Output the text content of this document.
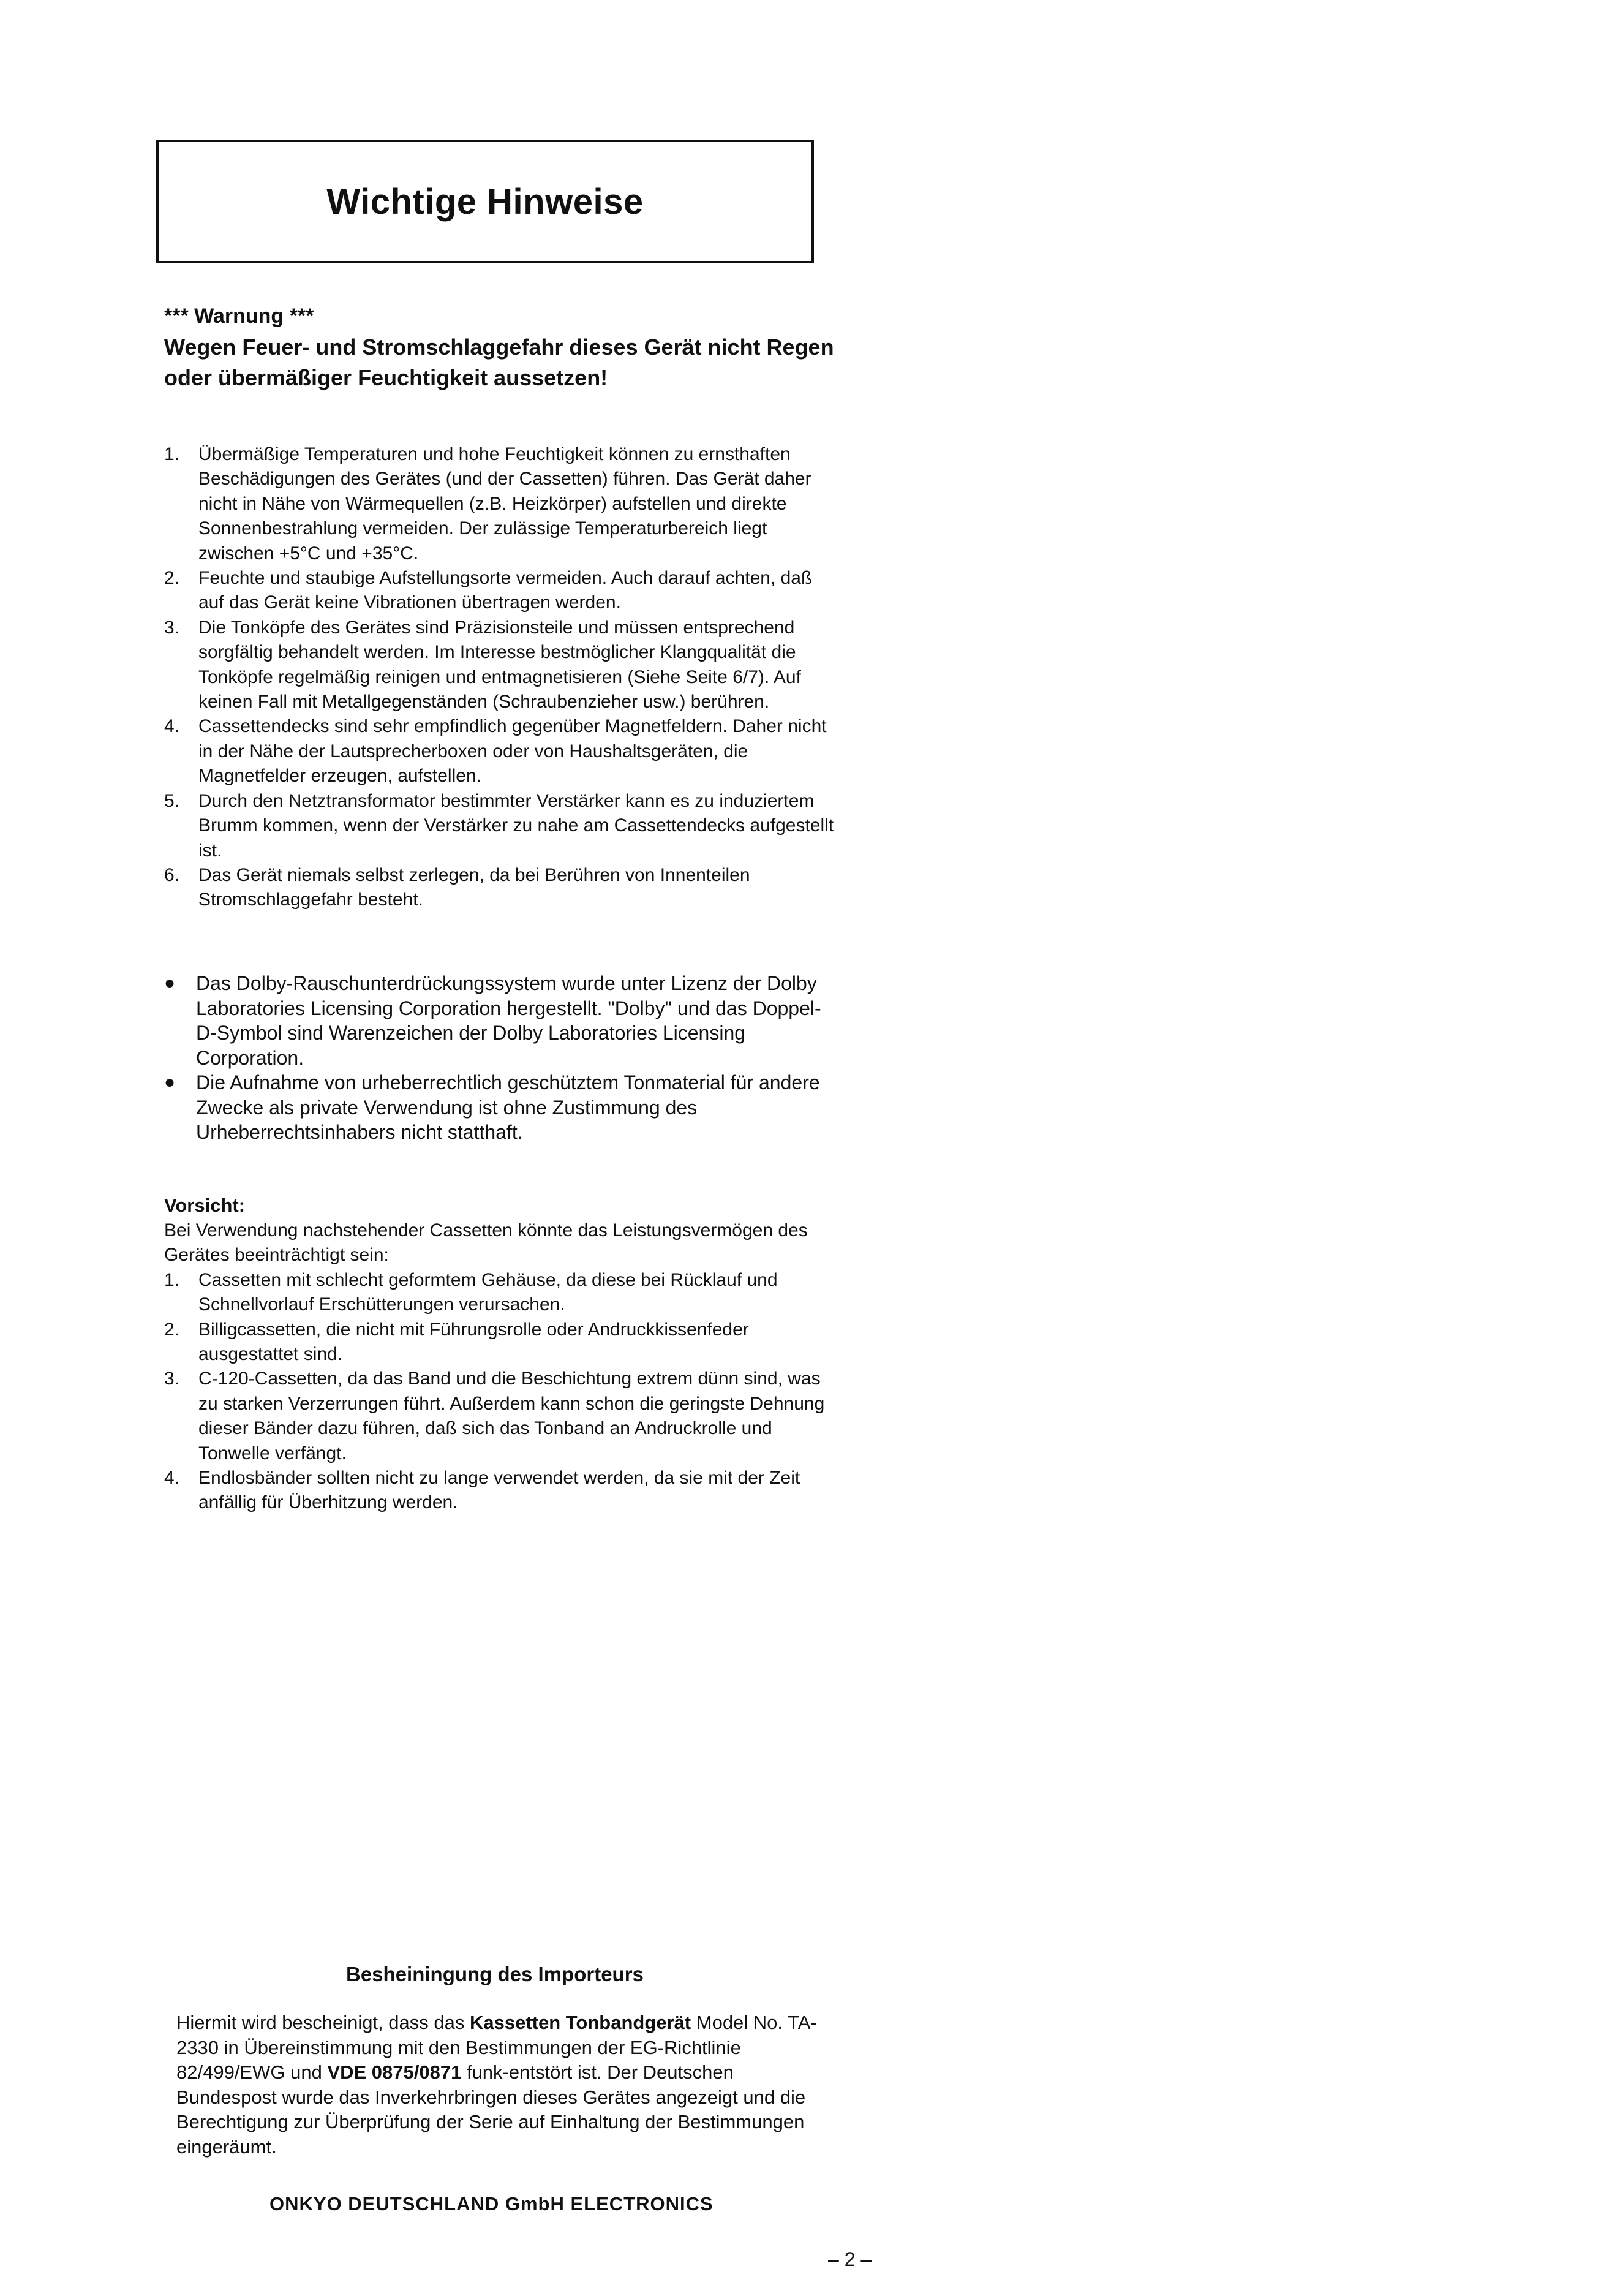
Wichtige Hinweise
*** Warnung ***
Wegen Feuer- und Stromschlaggefahr dieses Gerät nicht Regen oder übermäßiger Feuchtigkeit aussetzen!
1.	Übermäßige Temperaturen und hohe Feuchtigkeit können zu ernsthaften Beschädigungen des Gerätes (und der Cassetten) führen. Das Gerät daher nicht in Nähe von Wärmequellen (z.B. Heizkörper) aufstellen und direkte Sonnenbestrahlung vermeiden. Der zulässige Temperaturbereich liegt zwischen +5°C und +35°C.
2.	Feuchte und staubige Aufstellungsorte vermeiden. Auch darauf achten, daß auf das Gerät keine Vibrationen übertragen werden.
3.	Die Tonköpfe des Gerätes sind Präzisionsteile und müssen entsprechend sorgfältig behandelt werden. Im Interesse bestmöglicher Klangqualität die Tonköpfe regelmäßig reinigen und entmagnetisieren (Siehe Seite 6/7). Auf keinen Fall mit Metallgegenständen (Schraubenzieher usw.) berühren.
4.	Cassettendecks sind sehr empfindlich gegenüber Magnetfeldern. Daher nicht in der Nähe der Lautsprecherboxen oder von Haushaltsgeräten, die Magnetfelder erzeugen, aufstellen.
5.	Durch den Netztransformator bestimmter Verstärker kann es zu induziertem Brumm kommen, wenn der Verstärker zu nahe am Cassettendecks aufgestellt ist.
6.	Das Gerät niemals selbst zerlegen, da bei Berühren von Innenteilen Stromschlaggefahr besteht.
●	Das Dolby-Rauschunterdrückungssystem wurde unter Lizenz der Dolby Laboratories Licensing Corporation hergestellt. "Dolby" und das Doppel-D-Symbol sind Warenzeichen der Dolby Laboratories Licensing Corporation.
●	Die Aufnahme von urheberrechtlich geschütztem Tonmaterial für andere Zwecke als private Verwendung ist ohne Zustimmung des Urheberrechtsinhabers nicht statthaft.
Vorsicht:
Bei Verwendung nachstehender Cassetten könnte das Leistungsvermögen des Gerätes beeinträchtigt sein:
1.	Cassetten mit schlecht geformtem Gehäuse, da diese bei Rücklauf und Schnellvorlauf Erschütterungen verursachen.
2.	Billigcassetten, die nicht mit Führungsrolle oder Andruckkissenfeder ausgestattet sind.
3.	C-120-Cassetten, da das Band und die Beschichtung extrem dünn sind, was zu starken Verzerrungen führt. Außerdem kann schon die geringste Dehnung dieser Bänder dazu führen, daß sich das Tonband an Andruckrolle und Tonwelle verfängt.
4.	Endlosbänder sollten nicht zu lange verwendet werden, da sie mit der Zeit anfällig für Überhitzung werden.
Besheiningung des Importeurs
Hiermit wird bescheinigt, dass das Kassetten Tonbandgerät Model No. TA-2330 in Übereinstimmung mit den Bestimmungen der EG-Richtlinie 82/499/EWG und VDE 0875/0871 funk-entstört ist. Der Deutschen Bundespost wurde das Inverkehrbringen dieses Gerätes angezeigt und die Berechtigung zur Überprüfung der Serie auf Einhaltung der Bestimmungen eingeräumt.
ONKYO DEUTSCHLAND GmbH ELECTRONICS
– 2 –
